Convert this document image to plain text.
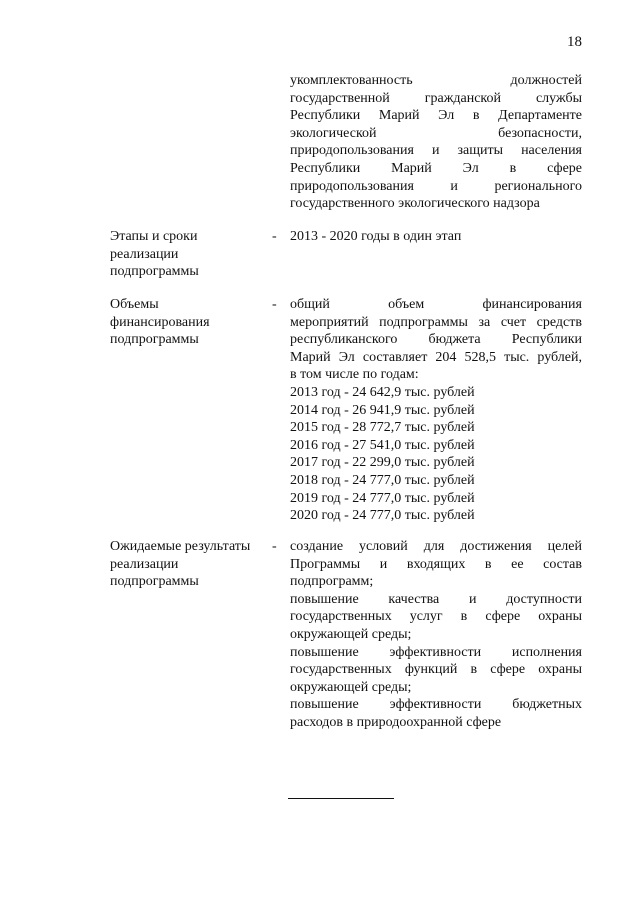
18
укомплектованность должностей
государственной гражданской службы
Республики Марий Эл в Департаменте
экологической безопасности,
природопользования и защиты населения
Республики Марий Эл в сфере
природопользования и регионального
государственного экологического надзора
Этапы и сроки
реализации
подпрограммы
- 2013 - 2020 годы в один этап
Объемы
финансирования
подпрограммы
- общий объем финансирования
мероприятий подпрограммы за счет средств
республиканского бюджета Республики
Марий Эл составляет 204 528,5 тыс. рублей,
в том числе по годам:
2013 год - 24 642,9 тыс. рублей
2014 год - 26 941,9 тыс. рублей
2015 год - 28 772,7 тыс. рублей
2016 год - 27 541,0 тыс. рублей
2017 год - 22 299,0 тыс. рублей
2018 год - 24 777,0 тыс. рублей
2019 год - 24 777,0 тыс. рублей
2020 год - 24 777,0 тыс. рублей
Ожидаемые результаты
реализации
подпрограммы
- создание условий для достижения целей
Программы и входящих в ее состав
подпрограмм;
повышение качества и доступности
государственных услуг в сфере охраны
окружающей среды;
повышение эффективности исполнения
государственных функций в сфере охраны
окружающей среды;
повышение эффективности бюджетных
расходов в природоохранной сфере
